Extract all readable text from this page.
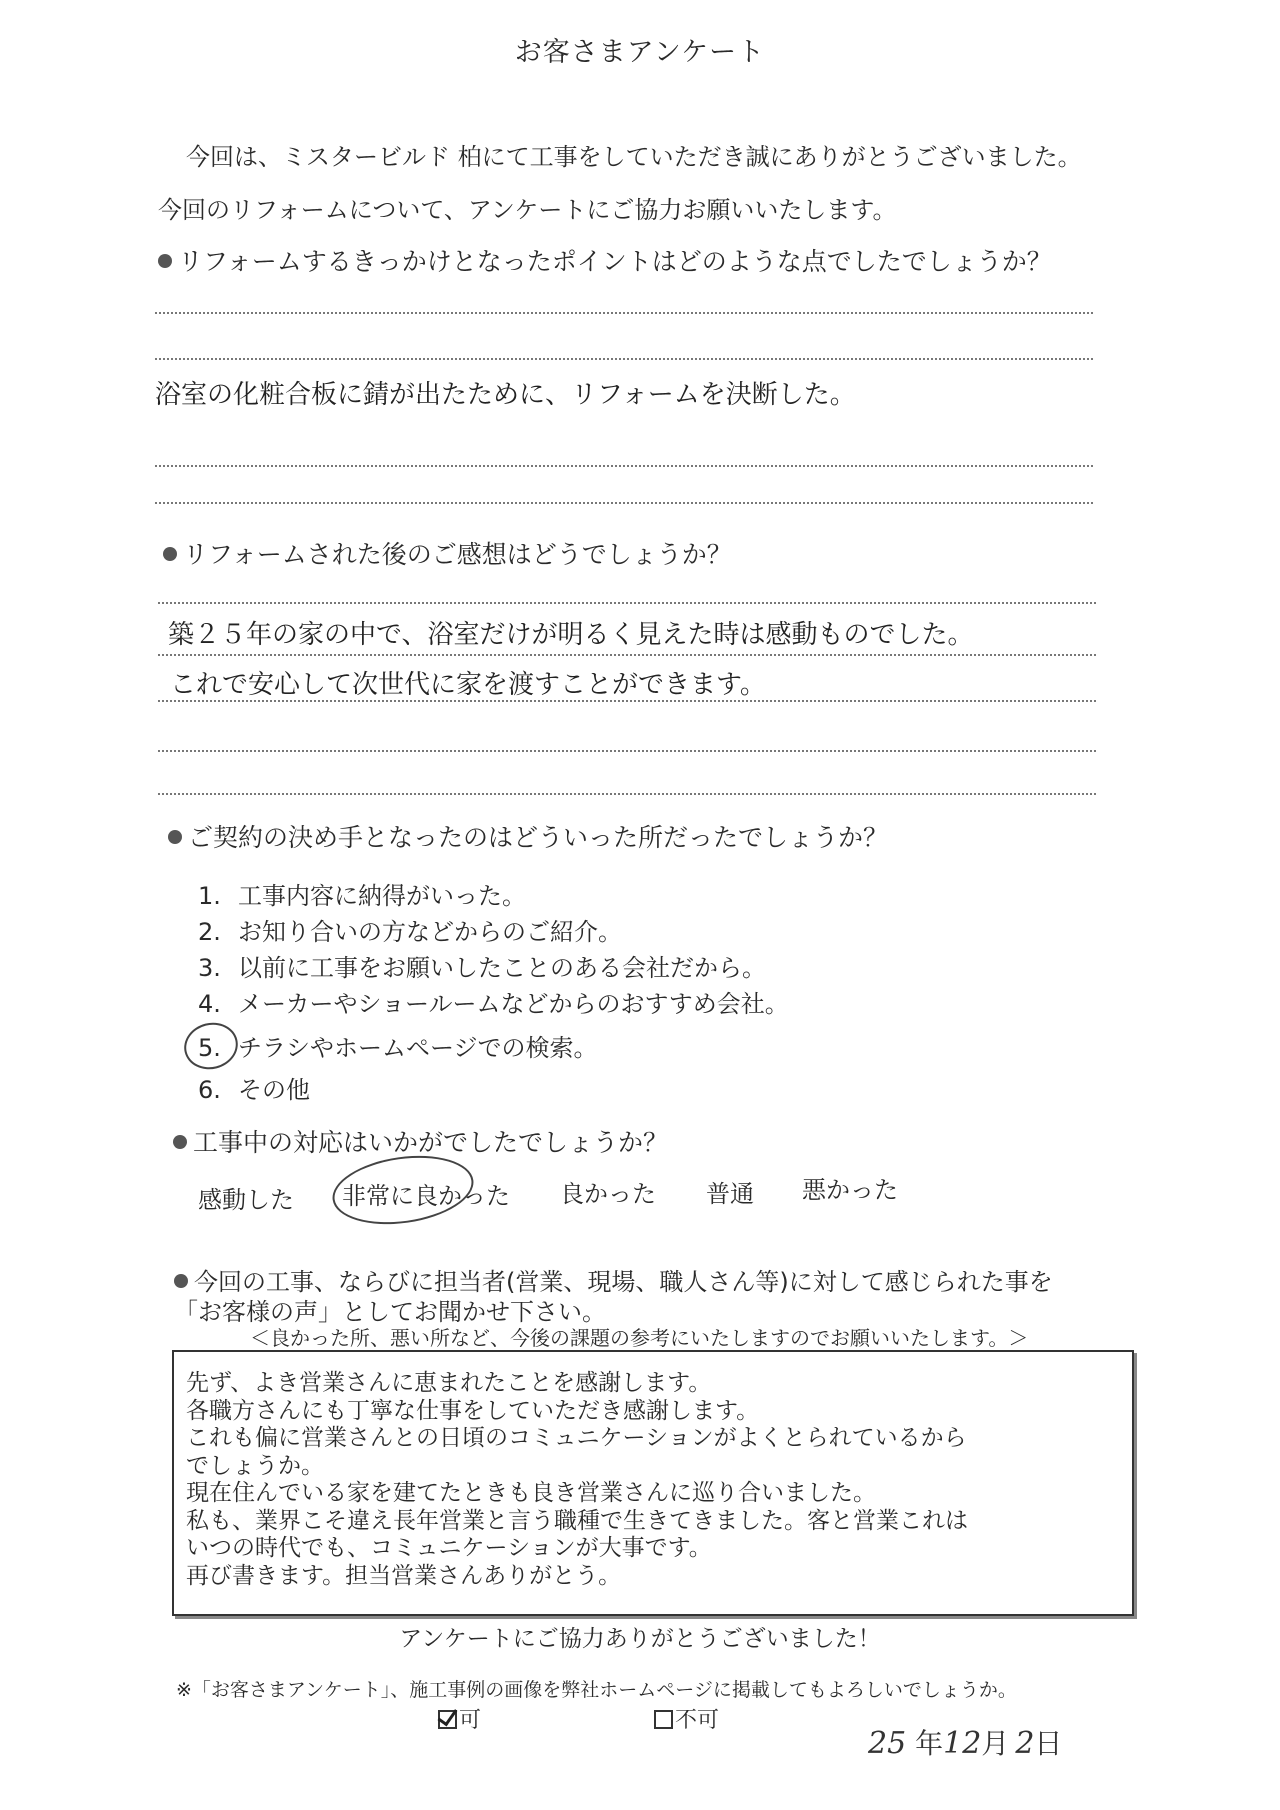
お客さまアンケート
今回は、ミスタービルド 柏にて工事をしていただき誠にありがとうございました。
今回のリフォームについて、アンケートにご協力お願いいたします。
リフォームするきっかけとなったポイントはどのような点でしたでしょうか？
浴室の化粧合板に錆が出たために、リフォームを決断した。
リフォームされた後のご感想はどうでしょうか？
築２５年の家の中で、浴室だけが明るく見えた時は感動ものでした。
これで安心して次世代に家を渡すことができます。
ご契約の決め手となったのはどういった所だったでしょうか？
1. 工事内容に納得がいった。
2. お知り合いの方などからのご紹介。
3. 以前に工事をお願いしたことのある会社だから。
4. メーカーやショールームなどからのおすすめ会社。
5. チラシやホームページでの検索。
6. その他
工事中の対応はいかがでしたでしょうか？
感動した 非常に良かった 良かった 普通 悪かった
今回の工事、ならびに担当者(営業、現場、職人さん等)に対して感じられた事を
「お客様の声」としてお聞かせ下さい。
＜良かった所、悪い所など、今後の課題の参考にいたしますのでお願いいたします。＞
先ず、よき営業さんに恵まれたことを感謝します。
各職方さんにも丁寧な仕事をしていただき感謝します。
これも偏に営業さんとの日頃のコミュニケーションがよくとられているから
でしょうか。
現在住んでいる家を建てたときも良き営業さんに巡り合いました。
私も、業界こそ違え長年営業と言う職種で生きてきました。客と営業これは
いつの時代でも、コミュニケーションが大事です。
再び書きます。担当営業さんありがとう。
アンケートにご協力ありがとうございました！
※「お客さまアンケート」、施工事例の画像を弊社ホームページに掲載してもよろしいでしょうか。
可	不可
25 年12月 2日
